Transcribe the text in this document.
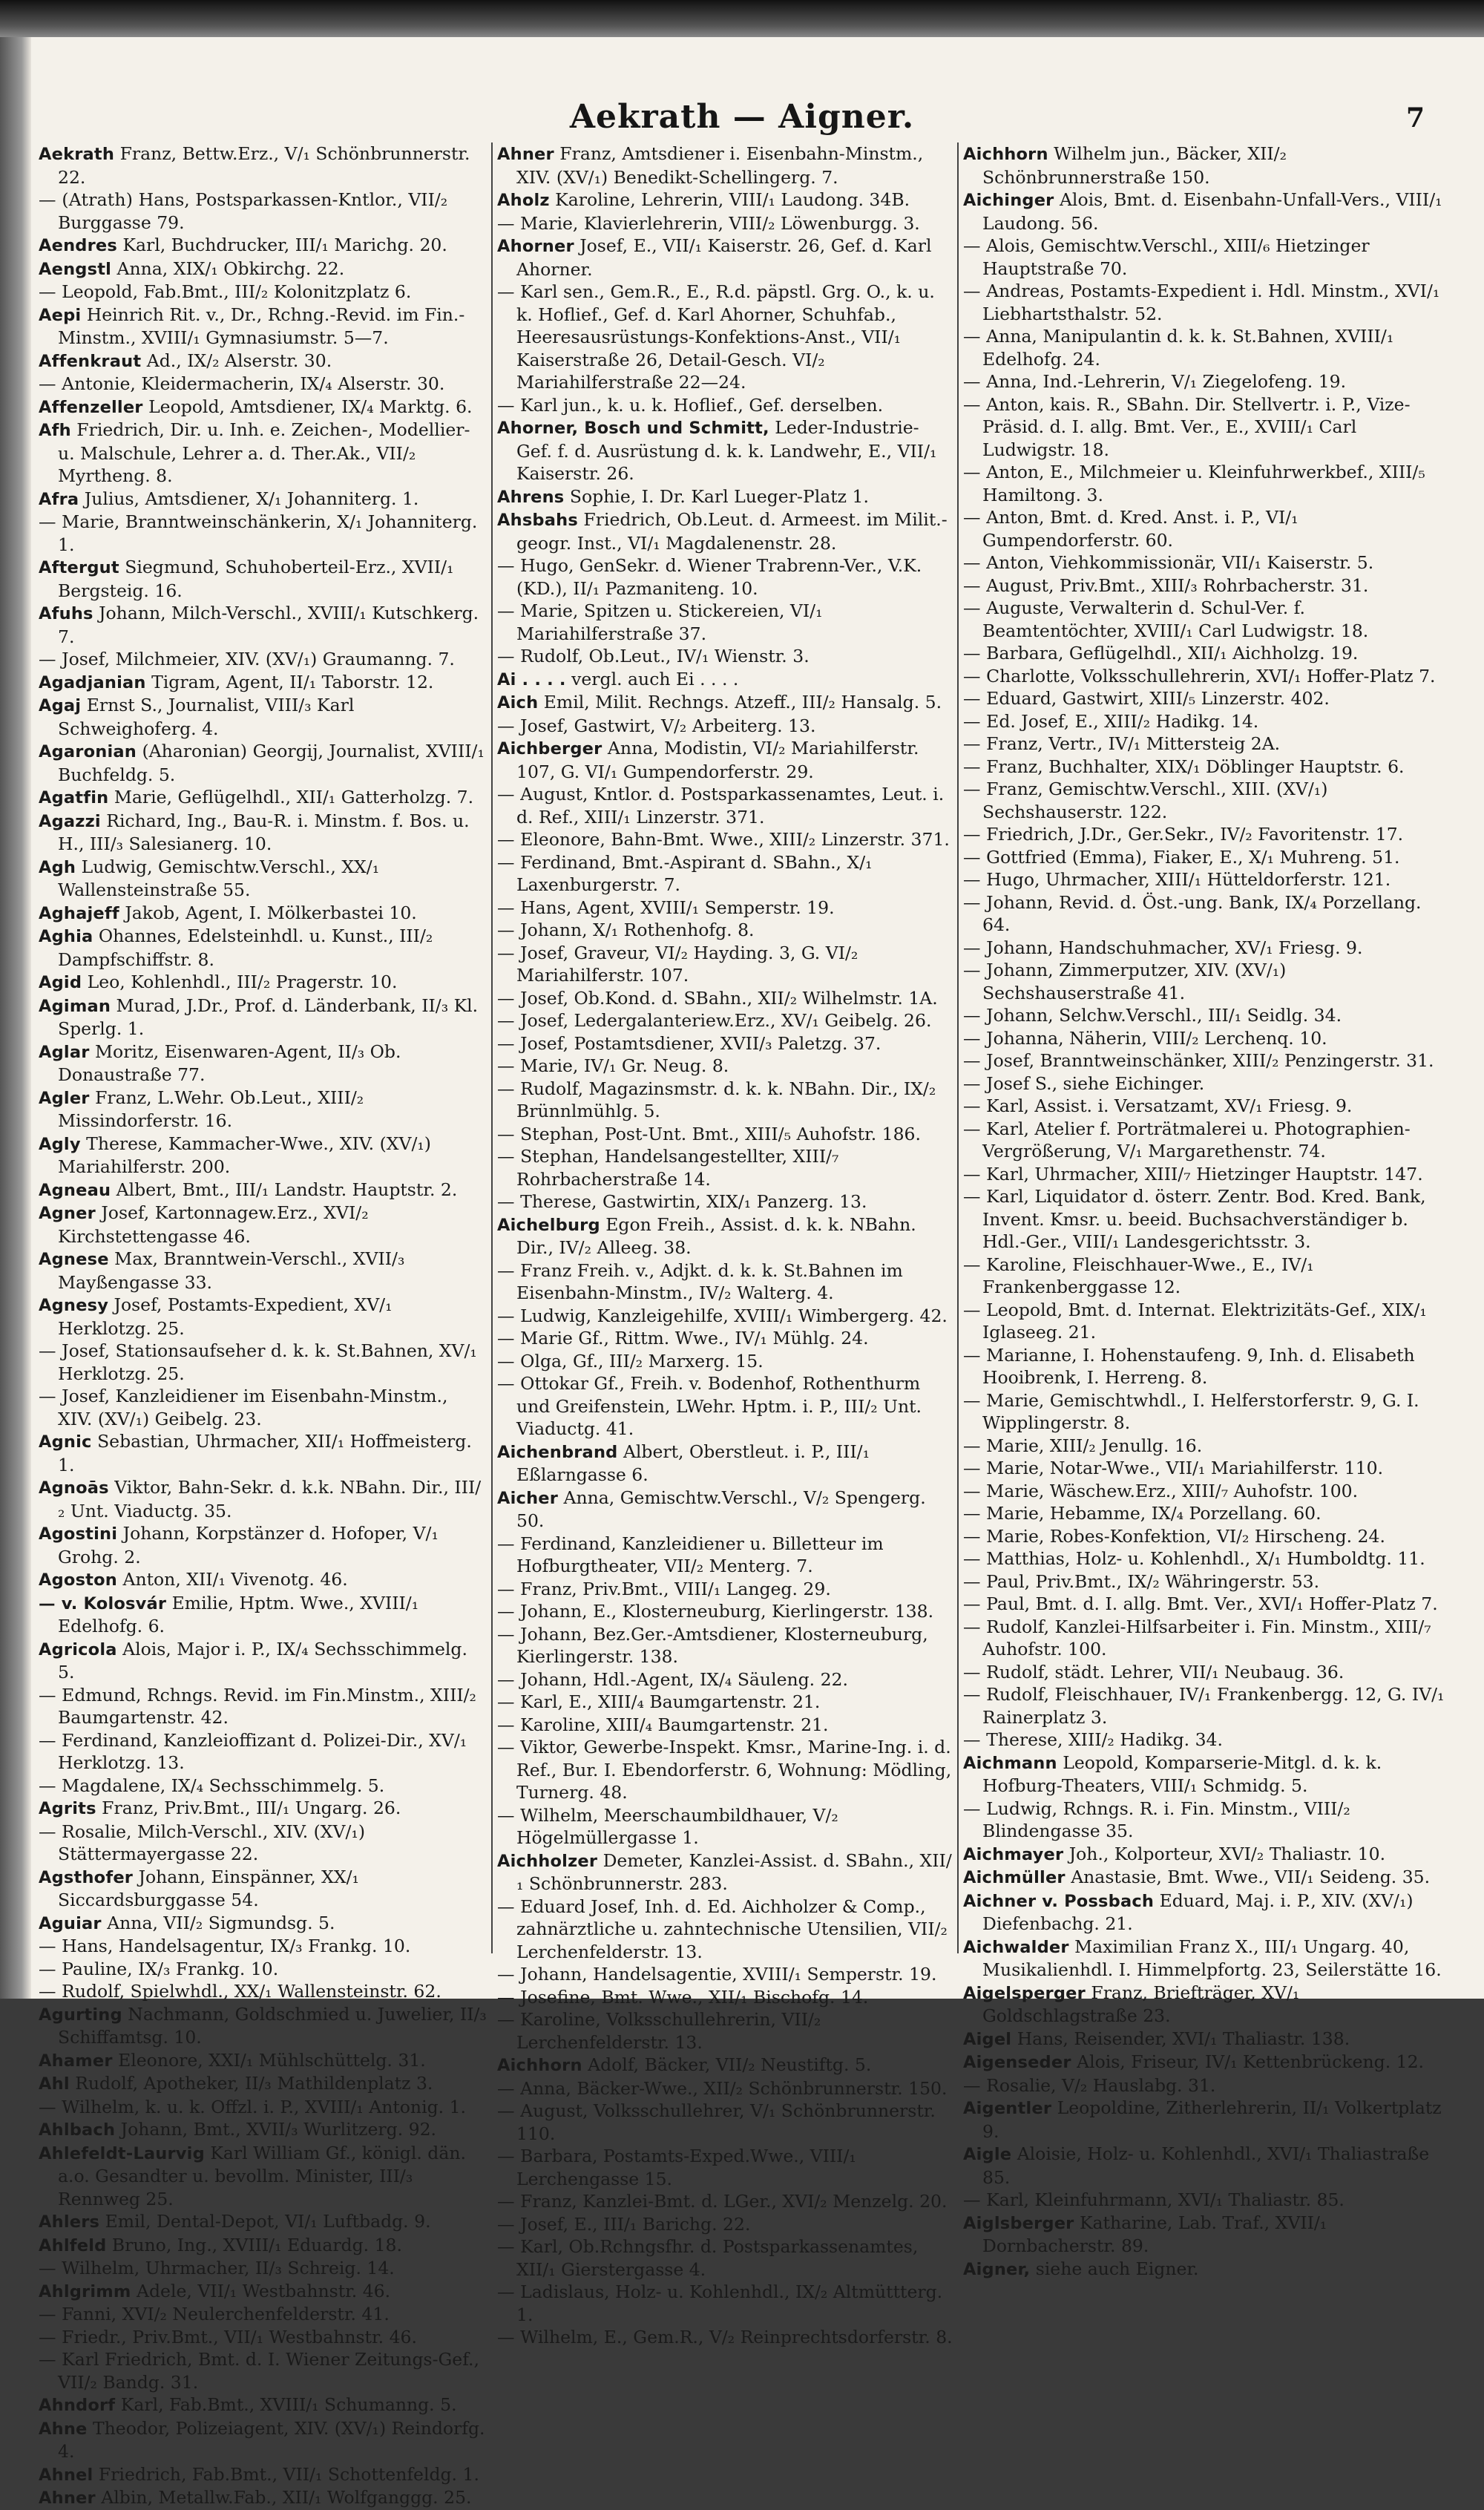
Aekrath — Aigner.	7

Aekrath Franz, Bettw.Erz., V/₁ Schönbrunnerstr. 22.

— (Atrath) Hans, Postsparkassen-Kntlor., VII/₂ Burggasse 79.

Aendres Karl, Buchdrucker, III/₁ Marichg. 20.

Aengstl Anna, XIX/₁ Obkirchg. 22.

— Leopold, Fab.Bmt., III/₂ Kolonitzplatz 6.

Aepi Heinrich Rit. v., Dr., Rchng.-Revid. im Fin.-Minstm., XVIII/₁ Gymnasiumstr. 5—7.

Affenkraut Ad., IX/₂ Alserstr. 30.

— Antonie, Kleidermacherin, IX/₄ Alserstr. 30.

Affenzeller Leopold, Amtsdiener, IX/₄ Marktg. 6.

Afh Friedrich, Dir. u. Inh. e. Zeichen-, Modellier- u. Malschule, Lehrer a. d. Ther.Ak., VII/₂ Myrtheng. 8.

Afra Julius, Amtsdiener, X/₁ Johanniterg. 1.

— Marie, Branntweinschänkerin, X/₁ Johanniterg. 1.

Aftergut Siegmund, Schuhoberteil-Erz., XVII/₁ Bergsteig. 16.

Afuhs Johann, Milch-Verschl., XVIII/₁ Kutschkerg. 7.

— Josef, Milchmeier, XIV. (XV/₁) Graumanng. 7.

Agadjanian Tigram, Agent, II/₁ Taborstr. 12.

Agaj Ernst S., Journalist, VIII/₃ Karl Schweighoferg. 4.

Agaronian (Aharonian) Georgij, Journalist, XVIII/₁ Buchfeldg. 5.

Agatfin Marie, Geflügelhdl., XII/₁ Gatterholzg. 7.

Agazzi Richard, Ing., Bau-R. i. Minstm. f. Bos. u. H., III/₃ Salesianerg. 10.

Agh Ludwig, Gemischtw.Verschl., XX/₁ Wallensteinstraße 55.

Aghajeff Jakob, Agent, I. Mölkerbastei 10.

Aghia Ohannes, Edelsteinhdl. u. Kunst., III/₂ Dampfschiffstr. 8.

Agid Leo, Kohlenhdl., III/₂ Pragerstr. 10.

Agiman Murad, J.Dr., Prof. d. Länderbank, II/₃ Kl. Sperlg. 1.

Aglar Moritz, Eisenwaren-Agent, II/₃ Ob. Donaustraße 77.

Agler Franz, L.Wehr. Ob.Leut., XIII/₂ Missindorferstr. 16.

Agly Therese, Kammacher-Wwe., XIV. (XV/₁) Mariahilferstr. 200.

Agneau Albert, Bmt., III/₁ Landstr. Hauptstr. 2.

Agner Josef, Kartonnagew.Erz., XVI/₂ Kirchstettengasse 46.

Agnese Max, Branntwein-Verschl., XVII/₃ Mayßengasse 33.

Agnesy Josef, Postamts-Expedient, XV/₁ Herklotzg. 25.

— Josef, Stationsaufseher d. k. k. St.Bahnen, XV/₁ Herklotzg. 25.

— Josef, Kanzleidiener im Eisenbahn-Minstm., XIV. (XV/₁) Geibelg. 23.

Agnic Sebastian, Uhrmacher, XII/₁ Hoffmeisterg. 1.

Agnoās Viktor, Bahn-Sekr. d. k.k. NBahn. Dir., III/₂ Unt. Viaductg. 35.

Agostini Johann, Korpstänzer d. Hofoper, V/₁ Grohg. 2.

Agoston Anton, XII/₁ Vivenotg. 46.

— v. Kolosvár Emilie, Hptm. Wwe., XVIII/₁ Edelhofg. 6.

Agricola Alois, Major i. P., IX/₄ Sechsschimmelg. 5.

— Edmund, Rchngs. Revid. im Fin.Minstm., XIII/₂ Baumgartenstr. 42.

— Ferdinand, Kanzleioffizant d. Polizei-Dir., XV/₁ Herklotzg. 13.

— Magdalene, IX/₄ Sechsschimmelg. 5.

Agrits Franz, Priv.Bmt., III/₁ Ungarg. 26.

— Rosalie, Milch-Verschl., XIV. (XV/₁) Stättermayergasse 22.

Agsthofer Johann, Einspänner, XX/₁ Siccardsburggasse 54.

Aguiar Anna, VII/₂ Sigmundsg. 5.

— Hans, Handelsagentur, IX/₃ Frankg. 10.

— Pauline, IX/₃ Frankg. 10.

— Rudolf, Spielwhdl., XX/₁ Wallensteinstr. 62.

Agurting Nachmann, Goldschmied u. Juwelier, II/₃ Schiffamtsg. 10.

Ahamer Eleonore, XXI/₁ Mühlschüttelg. 31.

Ahl Rudolf, Apotheker, II/₃ Mathildenplatz 3.

— Wilhelm, k. u. k. Offzl. i. P., XVIII/₁ Antonig. 1.

Ahlbach Johann, Bmt., XVII/₃ Wurlitzerg. 92.

Ahlefeldt-Laurvig Karl William Gf., königl. dän. a.o. Gesandter u. bevollm. Minister, III/₃ Rennweg 25.

Ahlers Emil, Dental-Depot, VI/₁ Luftbadg. 9.

Ahlfeld Bruno, Ing., XVIII/₁ Eduardg. 18.

— Wilhelm, Uhrmacher, II/₃ Schreig. 14.

Ahlgrimm Adele, VII/₁ Westbahnstr. 46.

— Fanni, XVI/₂ Neulerchenfelderstr. 41.

— Friedr., Priv.Bmt., VII/₁ Westbahnstr. 46.

— Karl Friedrich, Bmt. d. I. Wiener Zeitungs-Gef., VII/₂ Bandg. 31.

Ahndorf Karl, Fab.Bmt., XVIII/₁ Schumanng. 5.

Ahne Theodor, Polizeiagent, XIV. (XV/₁) Reindorfg. 4.

Ahnel Friedrich, Fab.Bmt., VII/₁ Schottenfeldg. 1.

Ahner Albin, Metallw.Fab., XII/₁ Wolfganggg. 25.

Ahner Franz, Amtsdiener i. Eisenbahn-Minstm., XIV. (XV/₁) Benedikt-Schellingerg. 7.

Aholz Karoline, Lehrerin, VIII/₁ Laudong. 34B.

— Marie, Klavierlehrerin, VIII/₂ Löwenburgg. 3.

Ahorner Josef, E., VII/₁ Kaiserstr. 26, Gef. d. Karl Ahorner.

— Karl sen., Gem.R., E., R.d. päpstl. Grg. O., k. u. k. Hoflief., Gef. d. Karl Ahorner, Schuhfab., Heeresausrüstungs-Konfektions-Anst., VII/₁ Kaiserstraße 26, Detail-Gesch. VI/₂ Mariahilferstraße 22—24.

— Karl jun., k. u. k. Hoflief., Gef. derselben.

Ahorner, Bosch und Schmitt, Leder-Industrie-Gef. f. d. Ausrüstung d. k. k. Landwehr, E., VII/₁ Kaiserstr. 26.

Ahrens Sophie, I. Dr. Karl Lueger-Platz 1.

Ahsbahs Friedrich, Ob.Leut. d. Armeest. im Milit.-geogr. Inst., VI/₁ Magdalenenstr. 28.

— Hugo, GenSekr. d. Wiener Trabrenn-Ver., V.K. (KD.), II/₁ Pazmaniteng. 10.

— Marie, Spitzen u. Stickereien, VI/₁ Mariahilferstraße 37.

— Rudolf, Ob.Leut., IV/₁ Wienstr. 3.

Ai . . . . vergl. auch Ei . . . .

Aich Emil, Milit. Rechngs. Atzeff., III/₂ Hansalg. 5.

— Josef, Gastwirt, V/₂ Arbeiterg. 13.

Aichberger Anna, Modistin, VI/₂ Mariahilferstr. 107, G. VI/₁ Gumpendorferstr. 29.

— August, Kntlor. d. Postsparkassenamtes, Leut. i. d. Ref., XIII/₁ Linzerstr. 371.

— Eleonore, Bahn-Bmt. Wwe., XIII/₂ Linzerstr. 371.

— Ferdinand, Bmt.-Aspirant d. SBahn., X/₁ Laxenburgerstr. 7.

— Hans, Agent, XVIII/₁ Semperstr. 19.

— Johann, X/₁ Rothenhofg. 8.

— Josef, Graveur, VI/₂ Hayding. 3, G. VI/₂ Mariahilferstr. 107.

— Josef, Ob.Kond. d. SBahn., XII/₂ Wilhelmstr. 1A.

— Josef, Ledergalanteriew.Erz., XV/₁ Geibelg. 26.

— Josef, Postamtsdiener, XVII/₃ Paletzg. 37.

— Marie, IV/₁ Gr. Neug. 8.

— Rudolf, Magazinsmstr. d. k. k. NBahn. Dir., IX/₂ Brünnlmühlg. 5.

— Stephan, Post-Unt. Bmt., XIII/₅ Auhofstr. 186.

— Stephan, Handelsangestellter, XIII/₇ Rohrbacherstraße 14.

— Therese, Gastwirtin, XIX/₁ Panzerg. 13.

Aichelburg Egon Freih., Assist. d. k. k. NBahn. Dir., IV/₂ Alleeg. 38.

— Franz Freih. v., Adjkt. d. k. k. St.Bahnen im Eisenbahn-Minstm., IV/₂ Walterg. 4.

— Ludwig, Kanzleigehilfe, XVIII/₁ Wimbergerg. 42.

— Marie Gf., Rittm. Wwe., IV/₁ Mühlg. 24.

— Olga, Gf., III/₂ Marxerg. 15.

— Ottokar Gf., Freih. v. Bodenhof, Rothenthurm und Greifenstein, LWehr. Hptm. i. P., III/₂ Unt. Viaductg. 41.

Aichenbrand Albert, Oberstleut. i. P., III/₁ Eßlarngasse 6.

Aicher Anna, Gemischtw.Verschl., V/₂ Spengerg. 50.

— Ferdinand, Kanzleidiener u. Billetteur im Hofburgtheater, VII/₂ Menterg. 7.

— Franz, Priv.Bmt., VIII/₁ Langeg. 29.

— Johann, E., Klosterneuburg, Kierlingerstr. 138.

— Johann, Bez.Ger.-Amtsdiener, Klosterneuburg, Kierlingerstr. 138.

— Johann, Hdl.-Agent, IX/₄ Säuleng. 22.

— Karl, E., XIII/₄ Baumgartenstr. 21.

— Karoline, XIII/₄ Baumgartenstr. 21.

— Viktor, Gewerbe-Inspekt. Kmsr., Marine-Ing. i. d. Ref., Bur. I. Ebendorferstr. 6, Wohnung: Mödling, Turnerg. 48.

— Wilhelm, Meerschaumbildhauer, V/₂ Högelmüllergasse 1.

Aichholzer Demeter, Kanzlei-Assist. d. SBahn., XII/₁ Schönbrunnerstr. 283.

— Eduard Josef, Inh. d. Ed. Aichholzer & Comp., zahnärztliche u. zahntechnische Utensilien, VII/₂ Lerchenfelderstr. 13.

— Johann, Handelsagentie, XVIII/₁ Semperstr. 19.

— Josefine, Bmt. Wwe., XII/₁ Bischofg. 14.

— Karoline, Volksschullehrerin, VII/₂ Lerchenfelderstr. 13.

Aichhorn Adolf, Bäcker, VII/₂ Neustiftg. 5.

— Anna, Bäcker-Wwe., XII/₂ Schönbrunnerstr. 150.

— August, Volksschullehrer, V/₁ Schönbrunnerstr. 110.

— Barbara, Postamts-Exped.Wwe., VIII/₁ Lerchengasse 15.

— Franz, Kanzlei-Bmt. d. LGer., XVI/₂ Menzelg. 20.

— Josef, E., III/₁ Barichg. 22.

— Karl, Ob.Rchngsfhr. d. Postsparkassenamtes, XII/₁ Gierstergasse 4.

— Ladislaus, Holz- u. Kohlenhdl., IX/₂ Altmüttterg. 1.

— Wilhelm, E., Gem.R., V/₂ Reinprechtsdorferstr. 8.

Aichhorn Wilhelm jun., Bäcker, XII/₂ Schönbrunnerstraße 150.

Aichinger Alois, Bmt. d. Eisenbahn-Unfall-Vers., VIII/₁ Laudong. 56.

— Alois, Gemischtw.Verschl., XIII/₆ Hietzinger Hauptstraße 70.

— Andreas, Postamts-Expedient i. Hdl. Minstm., XVI/₁ Liebhartsthalstr. 52.

— Anna, Manipulantin d. k. k. St.Bahnen, XVIII/₁ Edelhofg. 24.

— Anna, Ind.-Lehrerin, V/₁ Ziegelofeng. 19.

— Anton, kais. R., SBahn. Dir. Stellvertr. i. P., Vize-Präsid. d. I. allg. Bmt. Ver., E., XVIII/₁ Carl Ludwigstr. 18.

— Anton, E., Milchmeier u. Kleinfuhrwerkbef., XIII/₅ Hamiltong. 3.

— Anton, Bmt. d. Kred. Anst. i. P., VI/₁ Gumpendorferstr. 60.

— Anton, Viehkommissionär, VII/₁ Kaiserstr. 5.

— August, Priv.Bmt., XIII/₃ Rohrbacherstr. 31.

— Auguste, Verwalterin d. Schul-Ver. f. Beamtentöchter, XVIII/₁ Carl Ludwigstr. 18.

— Barbara, Geflügelhdl., XII/₁ Aichholzg. 19.

— Charlotte, Volksschullehrerin, XVI/₁ Hoffer-Platz 7.

— Eduard, Gastwirt, XIII/₅ Linzerstr. 402.

— Ed. Josef, E., XIII/₂ Hadikg. 14.

— Franz, Vertr., IV/₁ Mittersteig 2A.

— Franz, Buchhalter, XIX/₁ Döblinger Hauptstr. 6.

— Franz, Gemischtw.Verschl., XIII. (XV/₁) Sechshauserstr. 122.

— Friedrich, J.Dr., Ger.Sekr., IV/₂ Favoritenstr. 17.

— Gottfried (Emma), Fiaker, E., X/₁ Muhreng. 51.

— Hugo, Uhrmacher, XIII/₁ Hütteldorferstr. 121.

— Johann, Revid. d. Öst.-ung. Bank, IX/₄ Porzellang. 64.

— Johann, Handschuhmacher, XV/₁ Friesg. 9.

— Johann, Zimmerputzer, XIV. (XV/₁) Sechshauserstraße 41.

— Johann, Selchw.Verschl., III/₁ Seidlg. 34.

— Johanna, Näherin, VIII/₂ Lerchenq. 10.

— Josef, Branntweinschänker, XIII/₂ Penzingerstr. 31.

— Josef S., siehe Eichinger.

— Karl, Assist. i. Versatzamt, XV/₁ Friesg. 9.

— Karl, Atelier f. Porträtmalerei u. Photographien-Vergrößerung, V/₁ Margarethenstr. 74.

— Karl, Uhrmacher, XIII/₇ Hietzinger Hauptstr. 147.

— Karl, Liquidator d. österr. Zentr. Bod. Kred. Bank, Invent. Kmsr. u. beeid. Buchsachverständiger b. Hdl.-Ger., VIII/₁ Landesgerichtsstr. 3.

— Karoline, Fleischhauer-Wwe., E., IV/₁ Frankenberggasse 12.

— Leopold, Bmt. d. Internat. Elektrizitäts-Gef., XIX/₁ Iglaseeg. 21.

— Marianne, I. Hohenstaufeng. 9, Inh. d. Elisabeth Hooibrenk, I. Herreng. 8.

— Marie, Gemischtwhdl., I. Helferstorferstr. 9, G. I. Wipplingerstr. 8.

— Marie, XIII/₂ Jenullg. 16.

— Marie, Notar-Wwe., VII/₁ Mariahilferstr. 110.

— Marie, Wäschew.Erz., XIII/₇ Auhofstr. 100.

— Marie, Hebamme, IX/₄ Porzellang. 60.

— Marie, Robes-Konfektion, VI/₂ Hirscheng. 24.

— Matthias, Holz- u. Kohlenhdl., X/₁ Humboldtg. 11.

— Paul, Priv.Bmt., IX/₂ Währingerstr. 53.

— Paul, Bmt. d. I. allg. Bmt. Ver., XVI/₁ Hoffer-Platz 7.

— Rudolf, Kanzlei-Hilfsarbeiter i. Fin. Minstm., XIII/₇ Auhofstr. 100.

— Rudolf, städt. Lehrer, VII/₁ Neubaug. 36.

— Rudolf, Fleischhauer, IV/₁ Frankenbergg. 12, G. IV/₁ Rainerplatz 3.

— Therese, XIII/₂ Hadikg. 34.

Aichmann Leopold, Komparserie-Mitgl. d. k. k. Hofburg-Theaters, VIII/₁ Schmidg. 5.

— Ludwig, Rchngs. R. i. Fin. Minstm., VIII/₂ Blindengasse 35.

Aichmayer Joh., Kolporteur, XVI/₂ Thaliastr. 10.

Aichmüller Anastasie, Bmt. Wwe., VII/₁ Seideng. 35.

Aichner v. Possbach Eduard, Maj. i. P., XIV. (XV/₁) Diefenbachg. 21.

Aichwalder Maximilian Franz X., III/₁ Ungarg. 40, Musikalienhdl. I. Himmelpfortg. 23, Seilerstätte 16.

Aigelsperger Franz, Briefträger, XV/₁ Goldschlagstraße 23.

Aigel Hans, Reisender, XVI/₁ Thaliastr. 138.

Aigenseder Alois, Friseur, IV/₁ Kettenbrückeng. 12.

— Rosalie, V/₂ Hauslabg. 31.

Aigentler Leopoldine, Zitherlehrerin, II/₁ Volkertplatz 9.

Aigle Aloisie, Holz- u. Kohlenhdl., XVI/₁ Thaliastraße 85.

— Karl, Kleinfuhrmann, XVI/₁ Thaliastr. 85.

Aiglsberger Katharine, Lab. Traf., XVII/₁ Dornbacherstr. 89.

Aigner, siehe auch Eigner.
